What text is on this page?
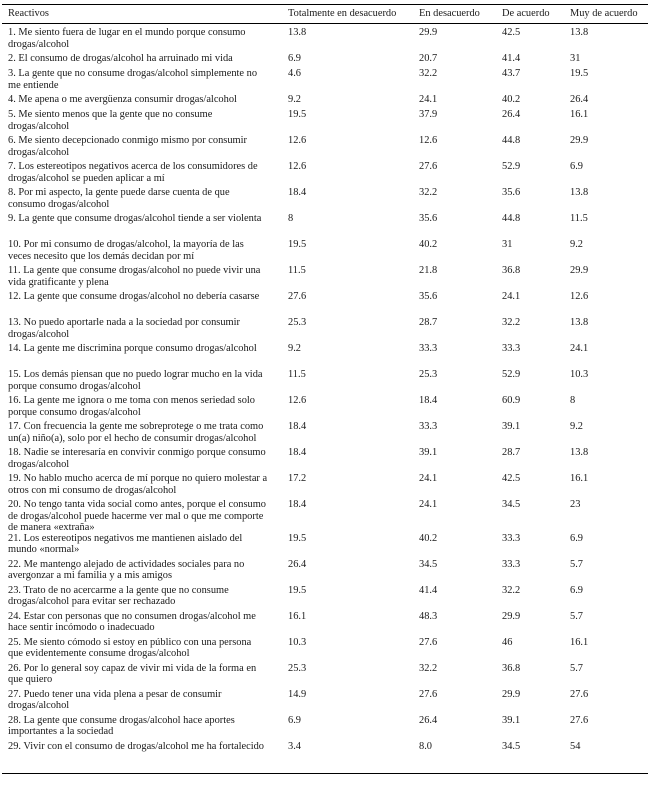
Reactivos	Totalmente en desacuerdo	En desacuerdo	De acuerdo	Muy de acuerdo
1. Me siento fuera de lugar en el mundo porque consumo drogas/alcohol	13.8	29.9	42.5	13.8
2. El consumo de drogas/alcohol ha arruinado mi vida	6.9	20.7	41.4	31
3. La gente que no consume drogas/alcohol simplemente no me entiende	4.6	32.2	43.7	19.5
4. Me apena o me avergüenza consumir drogas/alcohol	9.2	24.1	40.2	26.4
5. Me siento menos que la gente que no consume drogas/alcohol	19.5	37.9	26.4	16.1
6. Me siento decepcionado conmigo mismo por consumir drogas/alcohol	12.6	12.6	44.8	29.9
7. Los estereotipos negativos acerca de los consumidores de drogas/alcohol se pueden aplicar a mí	12.6	27.6	52.9	6.9
8. Por mi aspecto, la gente puede darse cuenta de que consumo drogas/alcohol	18.4	32.2	35.6	13.8
9. La gente que consume drogas/alcohol tiende a ser violenta	8	35.6	44.8	11.5
10. Por mi consumo de drogas/alcohol, la mayoría de las veces necesito que los demás decidan por mí	19.5	40.2	31	9.2
11. La gente que consume drogas/alcohol no puede vivir una vida gratificante y plena	11.5	21.8	36.8	29.9
12. La gente que consume drogas/alcohol no debería casarse	27.6	35.6	24.1	12.6
13. No puedo aportarle nada a la sociedad por consumir drogas/alcohol	25.3	28.7	32.2	13.8
14. La gente me discrimina porque consumo drogas/alcohol	9.2	33.3	33.3	24.1
15. Los demás piensan que no puedo lograr mucho en la vida porque consumo drogas/alcohol	11.5	25.3	52.9	10.3
16. La gente me ignora o me toma con menos seriedad solo porque consumo drogas/alcohol	12.6	18.4	60.9	8
17. Con frecuencia la gente me sobreprotege o me trata como un(a) niño(a), solo por el hecho de consumir drogas/alcohol	18.4	33.3	39.1	9.2
18. Nadie se interesaría en convivir conmigo porque consumo drogas/alcohol	18.4	39.1	28.7	13.8
19. No hablo mucho acerca de mí porque no quiero molestar a otros con mi consumo de drogas/alcohol	17.2	24.1	42.5	16.1
20. No tengo tanta vida social como antes, porque el consumo de drogas/alcohol puede hacerme ver mal o que me comporte de manera «extraña»	18.4	24.1	34.5	23
21. Los estereotipos negativos me mantienen aislado del mundo «normal»	19.5	40.2	33.3	6.9
22. Me mantengo alejado de actividades sociales para no avergonzar a mi familia y a mis amigos	26.4	34.5	33.3	5.7
23. Trato de no acercarme a la gente que no consume drogas/alcohol para evitar ser rechazado	19.5	41.4	32.2	6.9
24. Estar con personas que no consumen drogas/alcohol me hace sentir incómodo o inadecuado	16.1	48.3	29.9	5.7
25. Me siento cómodo si estoy en público con una persona que evidentemente consume drogas/alcohol	10.3	27.6	46	16.1
26. Por lo general soy capaz de vivir mi vida de la forma en que quiero	25.3	32.2	36.8	5.7
27. Puedo tener una vida plena a pesar de consumir drogas/alcohol	14.9	27.6	29.9	27.6
28. La gente que consume drogas/alcohol hace aportes importantes a la sociedad	6.9	26.4	39.1	27.6
29. Vivir con el consumo de drogas/alcohol me ha fortalecido	3.4	8.0	34.5	54
